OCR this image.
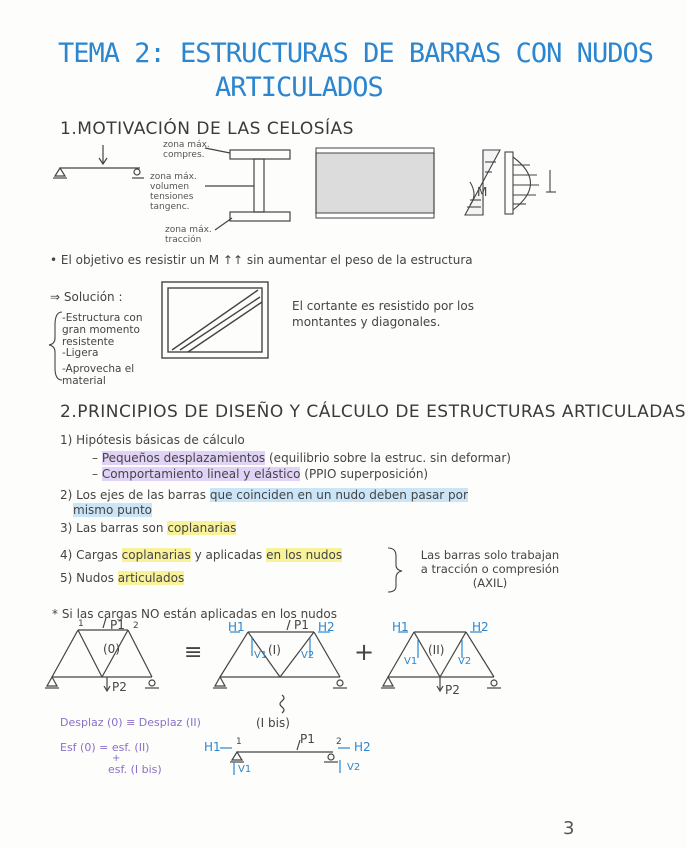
TEMA 2: ESTRUCTURAS DE BARRAS CON NUDOS
ARTICULADOS
1.MOTIVACIÓN DE LAS CELOSÍAS
zona máx. compres.
zona máx. volumen tensiones tangenc.
zona máx. tracción
M
• El objetivo es resistir un M ↑↑ sin aumentar el peso de la estructura
⇒ Solución :
-Estructura con gran momento resistente
-Ligera
-Aprovecha el material
El cortante es resistido por los montantes y diagonales.
2.PRINCIPIOS DE DISEÑO Y CÁLCULO DE ESTRUCTURAS ARTICULADAS
1) Hipótesis básicas de cálculo
– Pequeños desplazamientos (equilibrio sobre la estruc. sin deformar)
– Comportamiento lineal y elástico (PPIO superposición)
2) Los ejes de las barras que coinciden en un nudo deben pasar por
mismo punto
3) Las barras son coplanarias
4) Cargas coplanarias y aplicadas en los nudos
5) Nudos articulados
Las barras solo trabajan a tracción o compresión (AXIL)
* Si las cargas NO están aplicadas en los nudos
(0)
P1
1	2
P2
≡	(I)
P1
H1	H2
V1	V2 +	(II)
H1	H2
V1	V2
P2
(I bis)
Desplaz (0) ≡ Desplaz (II)
Esf (0) = esf. (II)
+
esf. (I bis)
H1 1	P1 2 H2
V1	V2
3
